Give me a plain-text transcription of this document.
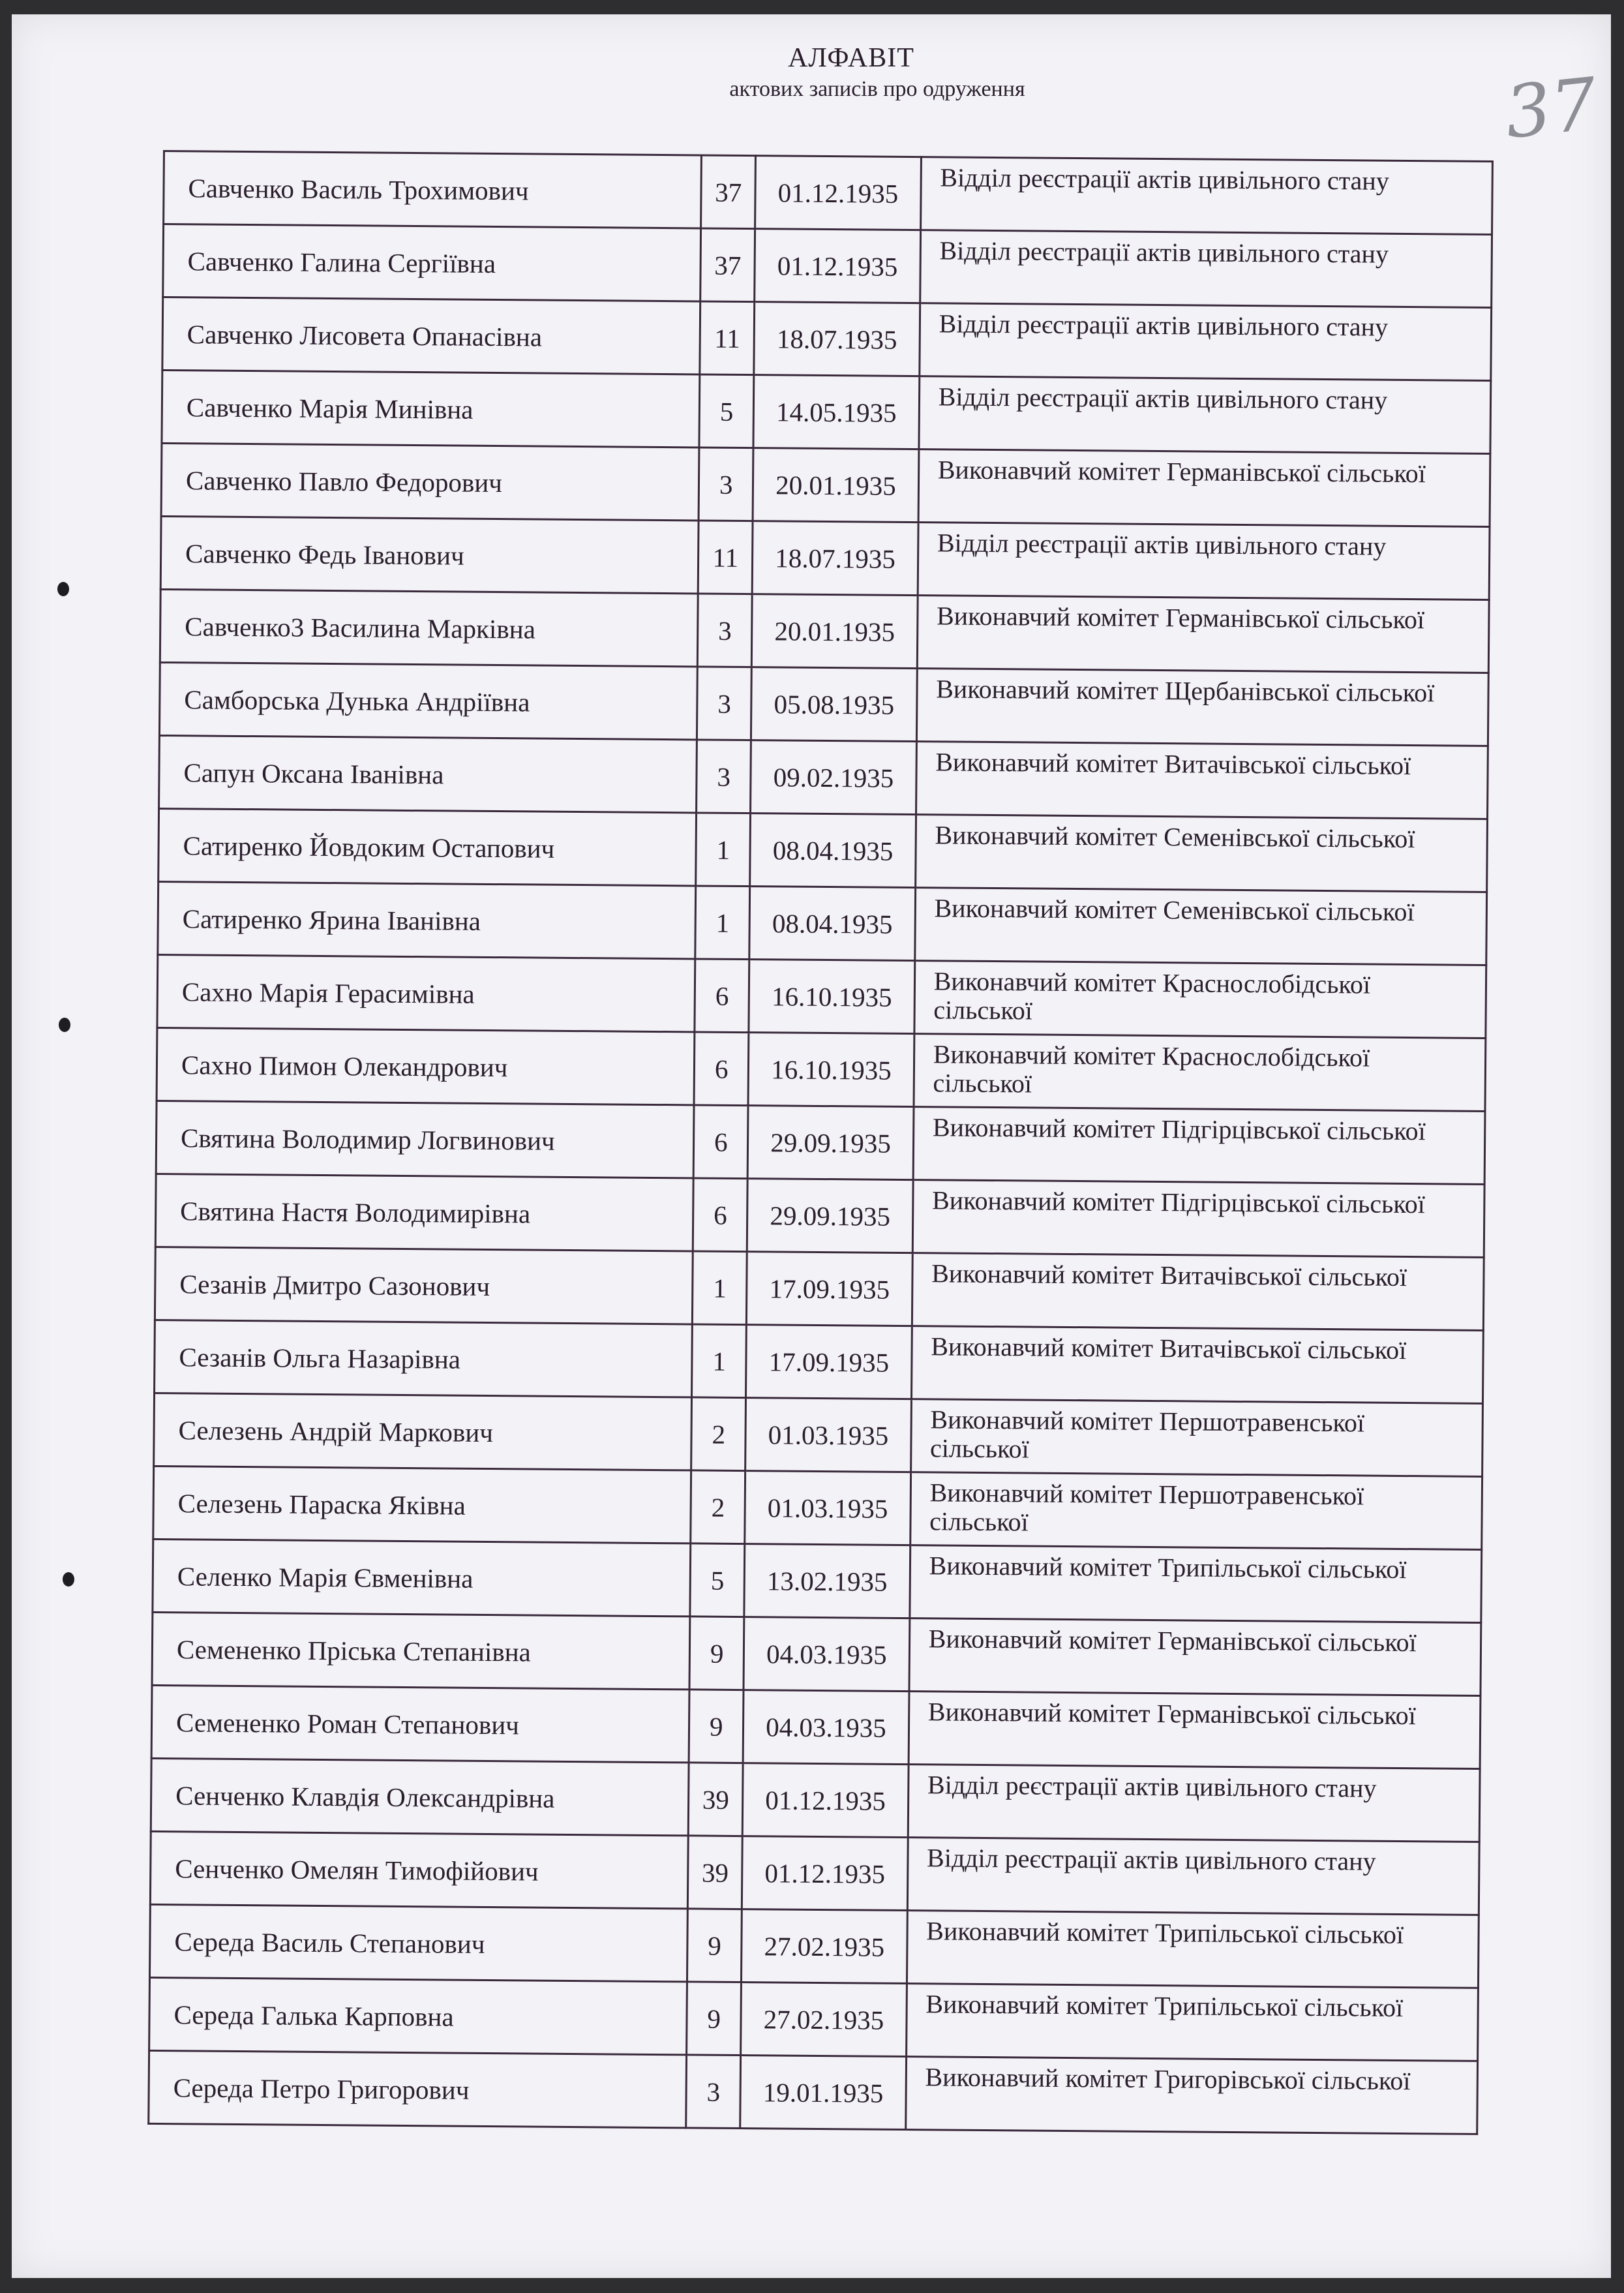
37
АЛФАВІТ
актових записів про одруження
Савченко Василь Трохимович	37	01.12.1935	Відділ реєстрації актів цивільного стану
Савченко Галина Сергіївна	37	01.12.1935	Відділ реєстрації актів цивільного стану
Савченко Лисовета Опанасівна	11	18.07.1935	Відділ реєстрації актів цивільного стану
Савченко Марія Минівна	5	14.05.1935	Відділ реєстрації актів цивільного стану
Савченко Павло Федорович	3	20.01.1935	Виконавчий комітет Германівської сільської
Савченко Федь Іванович	11	18.07.1935	Відділ реєстрації актів цивільного стану
Савченко3 Василина Марківна	3	20.01.1935	Виконавчий комітет Германівської сільської
Самборська Дунька Андріївна	3	05.08.1935	Виконавчий комітет Щербанівської сільської
Сапун Оксана Іванівна	3	09.02.1935	Виконавчий комітет Витачівської сільської
Сатиренко Йовдоким Остапович	1	08.04.1935	Виконавчий комітет Семенівської сільської
Сатиренко Ярина Іванівна	1	08.04.1935	Виконавчий комітет Семенівської сільської
Сахно Марія Герасимівна	6	16.10.1935	Виконавчий комітет Краснослобідської сільської
Сахно Пимон Олекандрович	6	16.10.1935	Виконавчий комітет Краснослобідської сільської
Святина Володимир Логвинович	6	29.09.1935	Виконавчий комітет Підгірцівської сільської
Святина Настя Володимирівна	6	29.09.1935	Виконавчий комітет Підгірцівської сільської
Сезанів Дмитро Сазонович	1	17.09.1935	Виконавчий комітет Витачівської сільської
Сезанів Ольга Назарівна	1	17.09.1935	Виконавчий комітет Витачівської сільської
Селезень Андрій Маркович	2	01.03.1935	Виконавчий комітет Першотравенської сільської
Селезень Параска Яківна	2	01.03.1935	Виконавчий комітет Першотравенської сільської
Селенко Марія Євменівна	5	13.02.1935	Виконавчий комітет Трипільської сільської
Семененко Пріська Степанівна	9	04.03.1935	Виконавчий комітет Германівської сільської
Семененко Роман Степанович	9	04.03.1935	Виконавчий комітет Германівської сільської
Сенченко Клавдія Олександрівна	39	01.12.1935	Відділ реєстрації актів цивільного стану
Сенченко Омелян Тимофійович	39	01.12.1935	Відділ реєстрації актів цивільного стану
Середа Василь Степанович	9	27.02.1935	Виконавчий комітет Трипільської сільської
Середа Галька Карповна	9	27.02.1935	Виконавчий комітет Трипільської сільської
Середа Петро Григорович	3	19.01.1935	Виконавчий комітет Григорівської сільської
